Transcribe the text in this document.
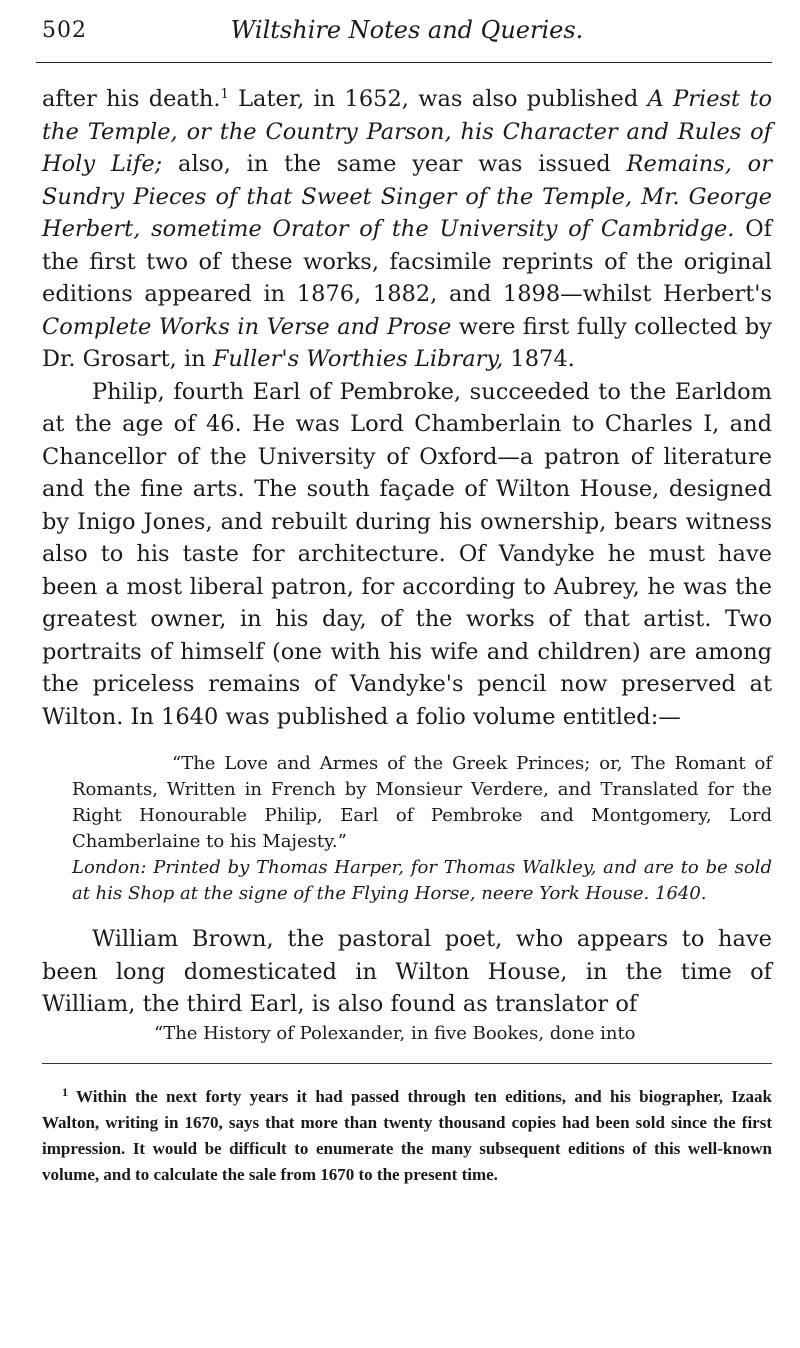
502	Wiltshire Notes and Queries.

after his death.$^1$ Later, in 1652, was also published A Priest to the Temple, or the Country Parson, his Character and Rules of Holy Life; also, in the same year was issued Remains, or Sundry Pieces of that Sweet Singer of the Temple, Mr. George Herbert, sometime Orator of the University of Cambridge. Of the first two of these works, facsimile reprints of the original editions appeared in 1876, 1882, and 1898—whilst Herbert's Complete Works in Verse and Prose were first fully collected by Dr. Grosart, in Fuller's Worthies Library, 1874.

Philip, fourth Earl of Pembroke, succeeded to the Earldom at the age of 46. He was Lord Chamberlain to Charles I, and Chancellor of the University of Oxford—a patron of literature and the fine arts. The south façade of Wilton House, designed by Inigo Jones, and rebuilt during his ownership, bears witness also to his taste for architecture. Of Vandyke he must have been a most liberal patron, for according to Aubrey, he was the greatest owner, in his day, of the works of that artist. Two portraits of himself (one with his wife and children) are among the priceless remains of Vandyke's pencil now preserved at Wilton. In 1640 was published a folio volume entitled:—

“The Love and Armes of the Greek Princes; or, The Romant of Romants, Written in French by Monsieur Verdere, and Translated for the Right Honourable Philip, Earl of Pembroke and Montgomery, Lord Chamberlaine to his Majesty.”

London: Printed by Thomas Harper, for Thomas Walkley, and are to be sold at his Shop at the signe of the Flying Horse, neere York House. 1640.

William Brown, the pastoral poet, who appears to have been long domesticated in Wilton House, in the time of William, the third Earl, is also found as translator of

“The History of Polexander, in five Bookes, done into

$^1$ Within the next forty years it had passed through ten editions, and his biographer, Izaak Walton, writing in 1670, says that more than twenty thousand copies had been sold since the first impression. It would be difficult to enumerate the many subsequent editions of this well-known volume, and to calculate the sale from 1670 to the present time.
